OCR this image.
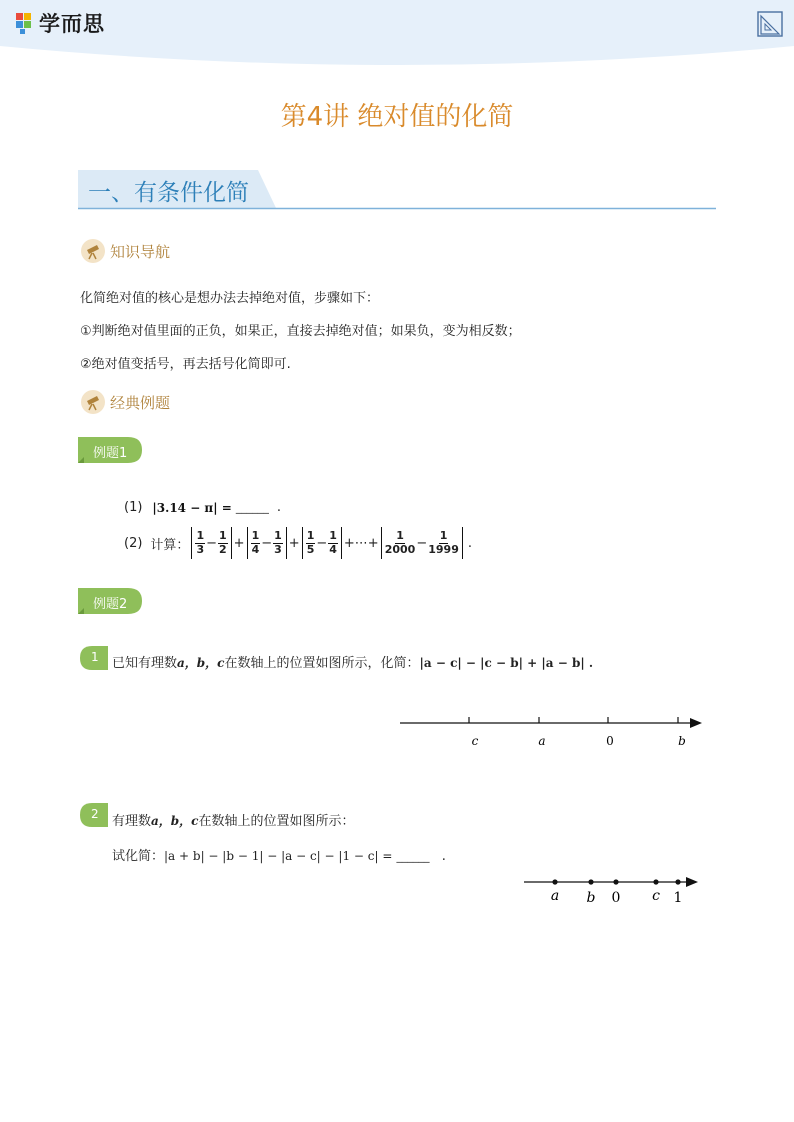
学而思
第4讲 绝对值的化简
一、有条件化简
知识导航
化简绝对值的核心是想办法去掉绝对值，步骤如下：
①判断绝对值里面的正负，如果正，直接去掉绝对值；如果负，变为相反数；
②绝对值变括号，再去括号化简即可.
经典例题
例题1
(1) |3.14 − π| = ______ .
(2) 计算： $\frac{1}{3} - \frac{1}{2} + \frac{1}{4} - \frac{1}{3} + \frac{1}{5} - \frac{1}{4}$ +⋯+ $\frac{1}{2000} - \frac{1}{1999}$ .
例题2
1 已知有理数a，b，c在数轴上的位置如图所示，化简：|a − c| − |c − b| + |a − b| .
c	a	0	b
2 有理数a，b，c在数轴上的位置如图所示：
试化简：|a + b| − |b − 1| − |a − c| − |1 − c| = ______ .
a b 0 c 1
